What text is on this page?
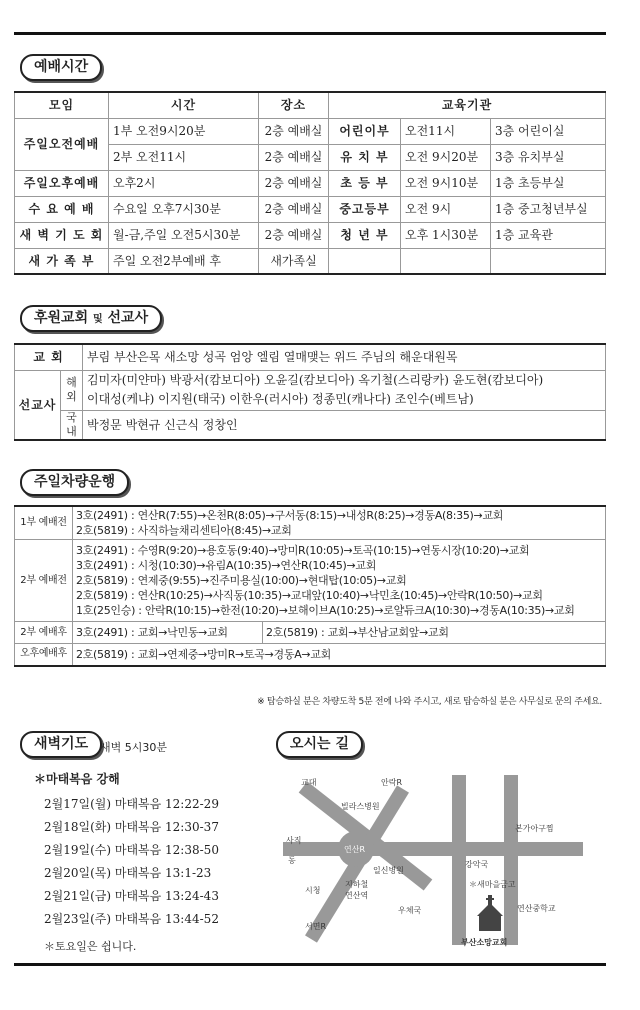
예배시간
모임	시간	장소	교육기관		
주일오전예배	1부 오전9시20분	2층 예배실	어린이부	오전11시	3층 어린이실
	2부 오전11시	2층 예배실	유 치 부	오전 9시20분	3층 유치부실
주일오후예배	오후2시	2층 예배실	초 등 부	오전 9시10분	1층 초등부실
수 요 예 배	수요일 오후7시30분	2층 예배실	중고등부	오전 9시	1층 중고청년부실
새 벽 기 도 회	월-금,주일 오전5시30분	2층 예배실	청 년 부	오후 1시30분	1층 교육관
새 가 족 부	주일 오전2부예배 후	새가족실			
후원교회 및 선교사
교 회		부림 부산은목 새소망 성곡 엄앙 엘림 열매맺는 위드 주님의 해운대원목
선교사	해외	김미자(미얀마) 박광서(캄보디아) 오윤길(캄보디아) 옥기철(스리랑카) 윤도현(캄보디아)
이대성(케냐) 이지원(태국) 이한우(러시아) 정종민(캐나다) 조인수(베트남)

	국내	박정문 박현규 신근식 정창인
주일차량운행
1부 예배전	3호(2491) : 연산R(7:55)→온천R(8:05)→구서동(8:15)→내성R(8:25)→경동A(8:35)→교회
2호(5819) : 사직하늘채리센티아(8:45)→교회	

2부 예배전	3호(2491) : 수영R(9:20)→용호동(9:40)→망미R(10:05)→토곡(10:15)→연동시장(10:20)→교회
3호(2491) : 시청(10:30)→유림A(10:35)→연산R(10:45)→교회
2호(5819) : 연제중(9:55)→진주미용실(10:00)→현대탑(10:05)→교회
2호(5819) : 연산R(10:25)→사직동(10:35)→교대앞(10:40)→낙민초(10:45)→안락R(10:50)→교회
1호(25인승) : 안락R(10:15)→한전(10:20)→보해이브A(10:25)→로얄듀크A(10:30)→경동A(10:35)→교회	

2부 예배후	3호(2491) : 교회→낙민동→교회	2호(5819) : 교회→부산남교회앞→교회

오후예배후	2호(5819) : 교회→연제중→망미R→토곡→경동A→교회	
※ 탑승하실 분은 차량도착 5분 전에 나와 주시고, 새로 탑승하실 분은 사무실로 문의 주세요.
새벽기도	새벽 5시30분
＊마태복음 강해
2월17일(월) 마태복음 12:22-29
2월18일(화) 마태복음 12:30-37
2월19일(수) 마태복음 12:38-50
2월20일(목) 마태복음 13:1-23
2월21일(금) 마태복음 13:24-43
2월23일(주) 마태복음 13:44-52
＊토요일은 쉽니다.
오시는 길
교대	안락R
빌라스병원
사직
동
연산R
일신병원
시청
지하철
연산역
우체국
서면R
본가아구찜
강악국
＊새마을금고
연산중학교
부산소망교회
